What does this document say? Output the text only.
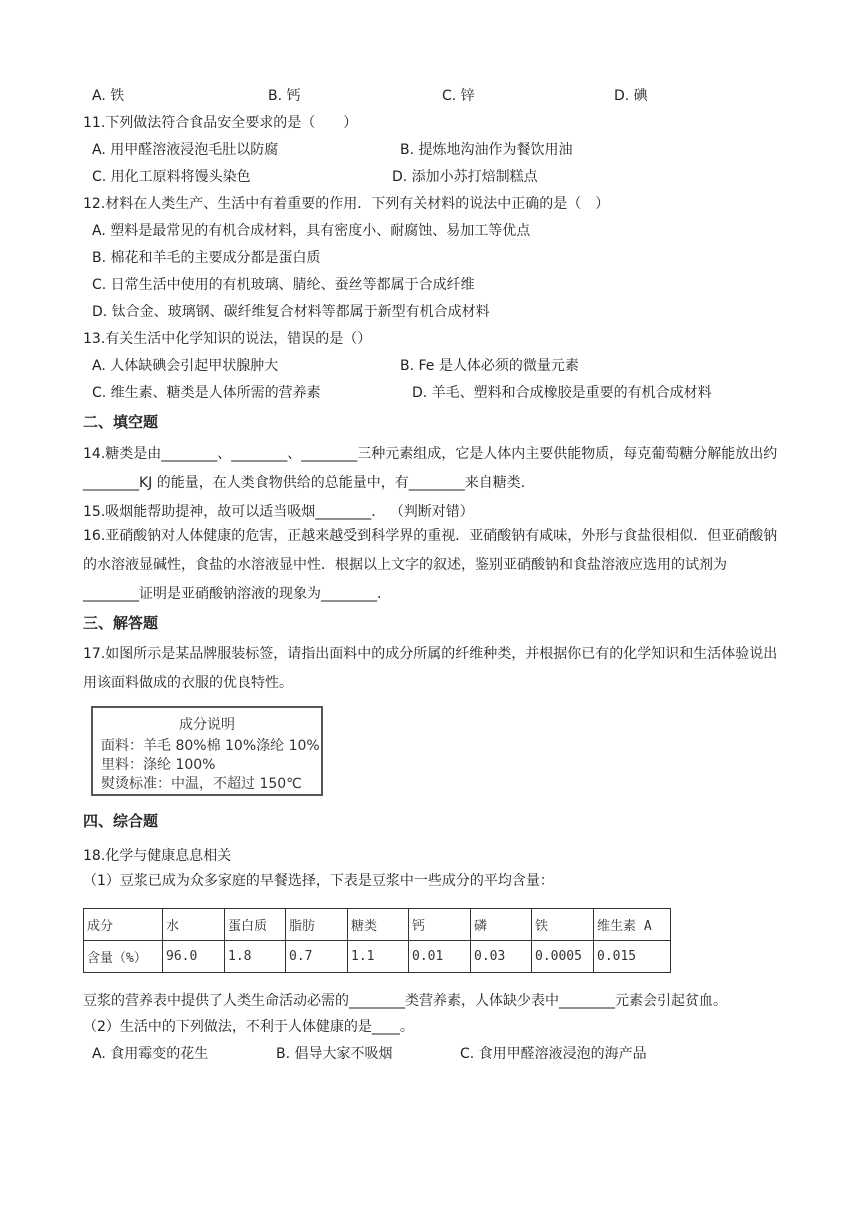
A. 铁	B. 钙	C. 锌	D. 碘
11.下列做法符合食品安全要求的是（　　）
A. 用甲醛溶液浸泡毛肚以防腐	B. 提炼地沟油作为餐饮用油
C. 用化工原料将馒头染色	D. 添加小苏打焙制糕点
12.材料在人类生产、生活中有着重要的作用．下列有关材料的说法中正确的是（　）
A. 塑料是最常见的有机合成材料，具有密度小、耐腐蚀、易加工等优点
B. 棉花和羊毛的主要成分都是蛋白质
C. 日常生活中使用的有机玻璃、腈纶、蚕丝等都属于合成纤维
D. 钛合金、玻璃钢、碳纤维复合材料等都属于新型有机合成材料
13.有关生活中化学知识的说法，错误的是（）
A. 人体缺碘会引起甲状腺肿大	B. Fe 是人体必须的微量元素
C. 维生素、糖类是人体所需的营养素	D. 羊毛、塑料和合成橡胶是重要的有机合成材料
二、填空题
14.糖类是由________、________、________三种元素组成，它是人体内主要供能物质，每克葡萄糖分解能放出约________KJ 的能量，在人类食物供给的总能量中，有________来自糖类.
15.吸烟能帮助提神，故可以适当吸烟________． （判断对错）
16.亚硝酸钠对人体健康的危害，正越来越受到科学界的重视．亚硝酸钠有咸味，外形与食盐很相似．但亚硝酸钠的水溶液显碱性，食盐的水溶液显中性．根据以上文字的叙述，鉴别亚硝酸钠和食盐溶液应选用的试剂为________证明是亚硝酸钠溶液的现象为________.
三、解答题
17.如图所示是某品牌服装标签，请指出面料中的成分所属的纤维种类，并根据你已有的化学知识和生活体验说出用该面料做成的衣服的优良特性。
成分说明
面料：羊毛 80%棉 10%涤纶 10%
里料：涤纶 100%
熨烫标准：中温，不超过 150℃
四、综合题
18.化学与健康息息相关
（1）豆浆已成为众多家庭的早餐选择，下表是豆浆中一些成分的平均含量：
成分	水	蛋白质	脂肪	糖类	钙	磷	铁	维生素 A
含量（%）	96.0	1.8	0.7	1.1	0.01	0.03	0.0005	0.015
豆浆的营养表中提供了人类生命活动必需的________类营养素，人体缺少表中________元素会引起贫血。
（2）生活中的下列做法，不利于人体健康的是____。
A. 食用霉变的花生	B. 倡导大家不吸烟	C. 食用甲醛溶液浸泡的海产品
